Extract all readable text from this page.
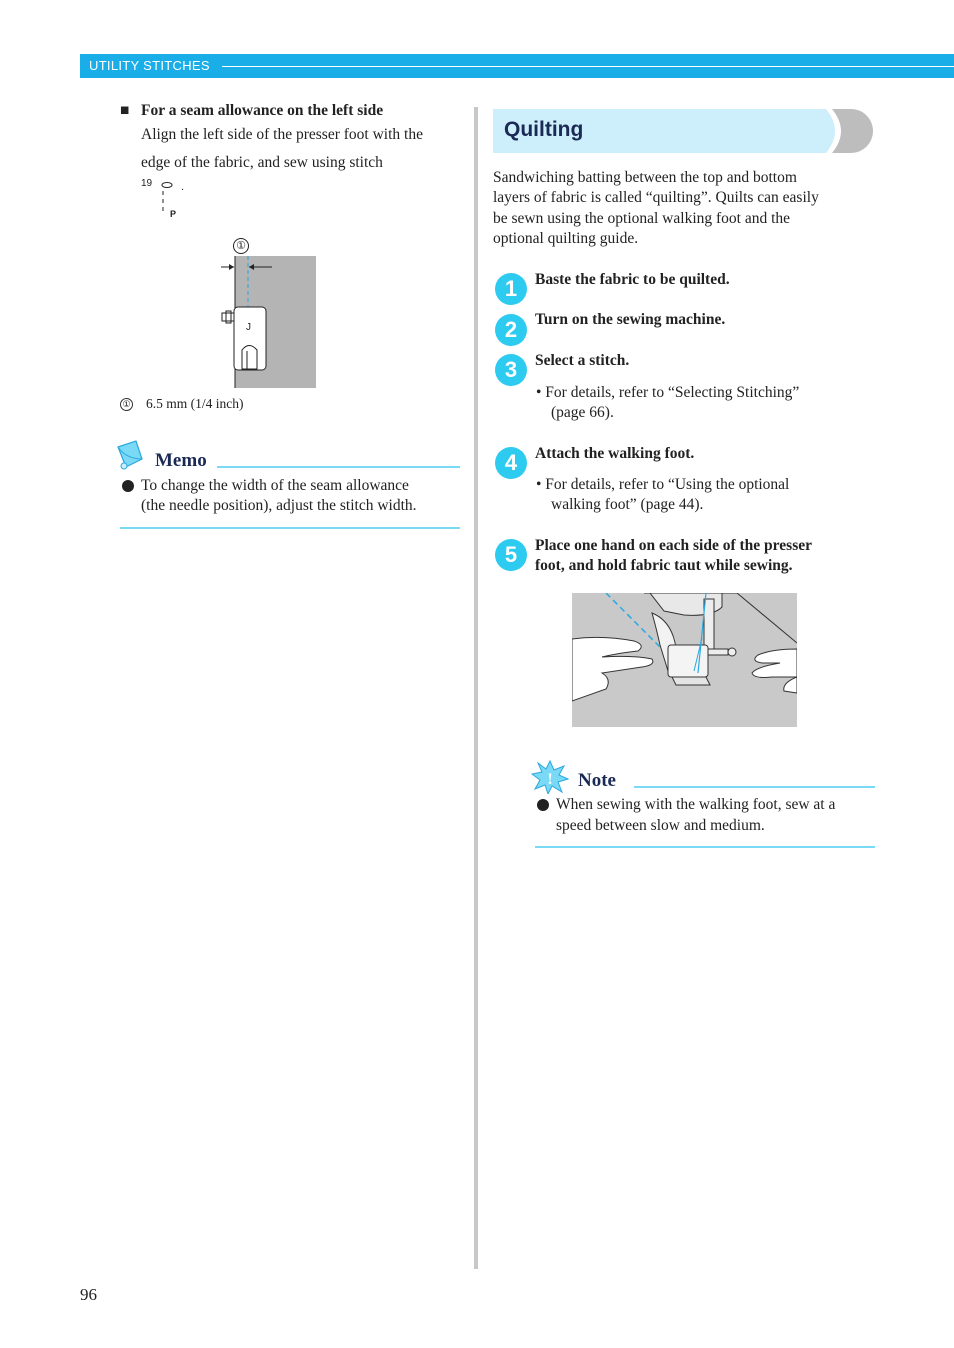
UTILITY STITCHES
■ For a seam allowance on the left side
Align the left side of the presser foot with the
edge of the fabric, and sew using stitch
19	.
P
①
J
① 6.5 mm (1/4 inch)
Memo
To change the width of the seam allowance
(the needle position), adjust the stitch width.
Quilting
Sandwiching batting between the top and bottom
layers of fabric is called “quilting”. Quilts can easily
be sewn using the optional walking foot and the
optional quilting guide.
1	Baste the fabric to be quilted.
2	Turn on the sewing machine.
3	Select a stitch.
• For details, refer to “Selecting Stitching”
(page 66).
4	Attach the walking foot.
• For details, refer to “Using the optional
walking foot” (page 44).
5	Place one hand on each side of the presser
foot, and hold fabric taut while sewing.
! Note
When sewing with the walking foot, sew at a
speed between slow and medium.
96
